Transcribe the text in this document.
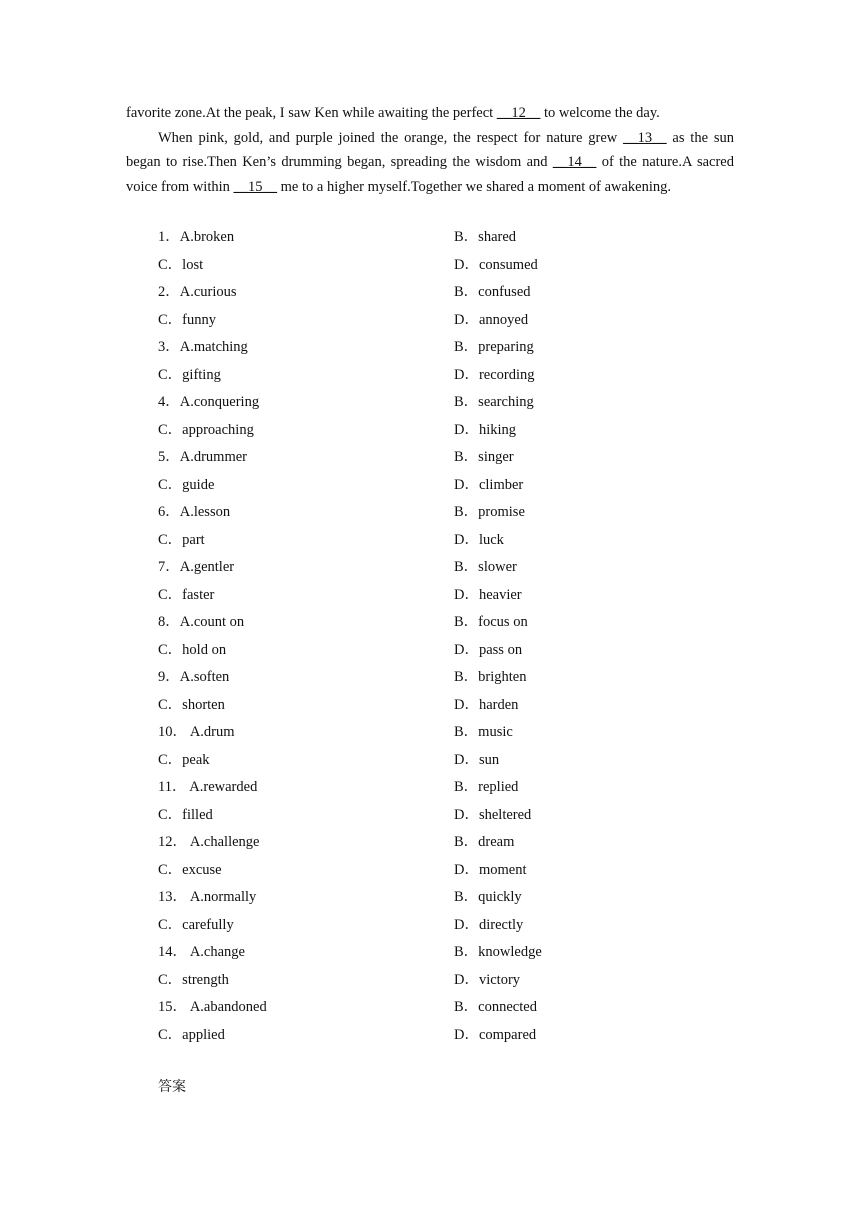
favorite zone.At the peak, I saw Ken while awaiting the perfect __12__ to welcome the day.
When pink, gold, and purple joined the orange, the respect for nature grew __13__ as the sun began to rise.Then Ken’s drumming began, spreading the wisdom and __14__ of the nature.A sacred voice from within __15__ me to a higher myself.Together we shared a moment of awakening.
1．A.broken	B．shared
C．lost	D．consumed
2．A.curious	B．confused
C．funny	D．annoyed
3．A.matching	B．preparing
C．gifting	D．recording
4．A.conquering	B．searching
C．approaching	D．hiking
5．A.drummer	B．singer
C．guide	D．climber
6．A.lesson	B．promise
C．part	D．luck
7．A.gentler	B．slower
C．faster	D．heavier
8．A.count on	B．focus on
C．hold on	D．pass on
9．A.soften	B．brighten
C．shorten	D．harden
10． A.drum	B．music
C．peak	D．sun
11． A.rewarded	B．replied
C．filled	D．sheltered
12． A.challenge	B．dream
C．excuse	D．moment
13． A.normally	B．quickly
C．carefully	D．directly
14． A.change	B．knowledge
C．strength	D．victory
15． A.abandoned	B．connected
C．applied	D．compared
答案
